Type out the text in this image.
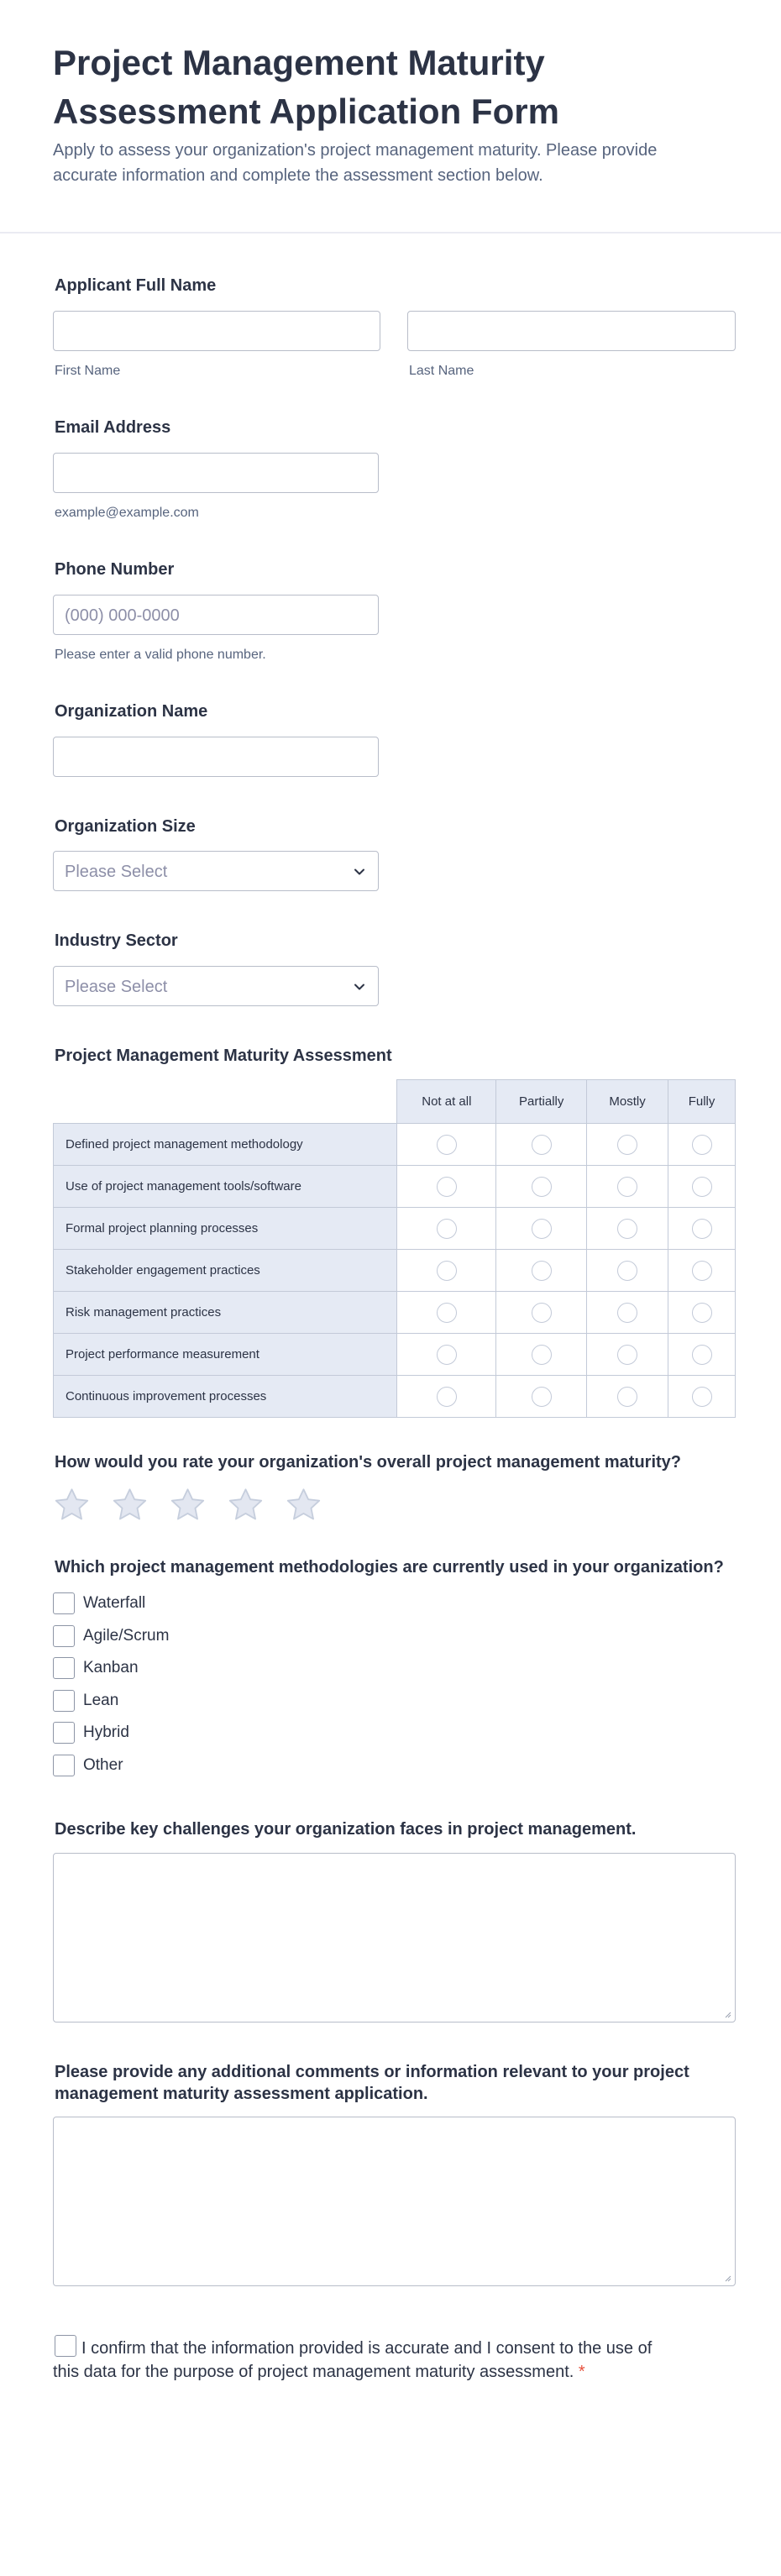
Project Management Maturity Assessment Application Form
Apply to assess your organization's project management maturity. Please provide accurate information and complete the assessment section below.
Applicant Full Name
First Name	Last Name
Email Address
example@example.com
Phone Number
(000) 000-0000
Please enter a valid phone number.
Organization Name
Organization Size
Please Select
Industry Sector
Please Select
Project Management Maturity Assessment
	Not at all	Partially	Mostly	Fully
Defined project management methodology				
Use of project management tools/software				
Formal project planning processes				
Stakeholder engagement practices				
Risk management practices				
Project performance measurement				
Continuous improvement processes				
How would you rate your organization's overall project management maturity?
Which project management methodologies are currently used in your organization?
Waterfall
Agile/Scrum
Kanban
Lean
Hybrid
Other
Describe key challenges your organization faces in project management.
Please provide any additional comments or information relevant to your project management maturity assessment application.
I confirm that the information provided is accurate and I consent to the use of this data for the purpose of project management maturity assessment. *
